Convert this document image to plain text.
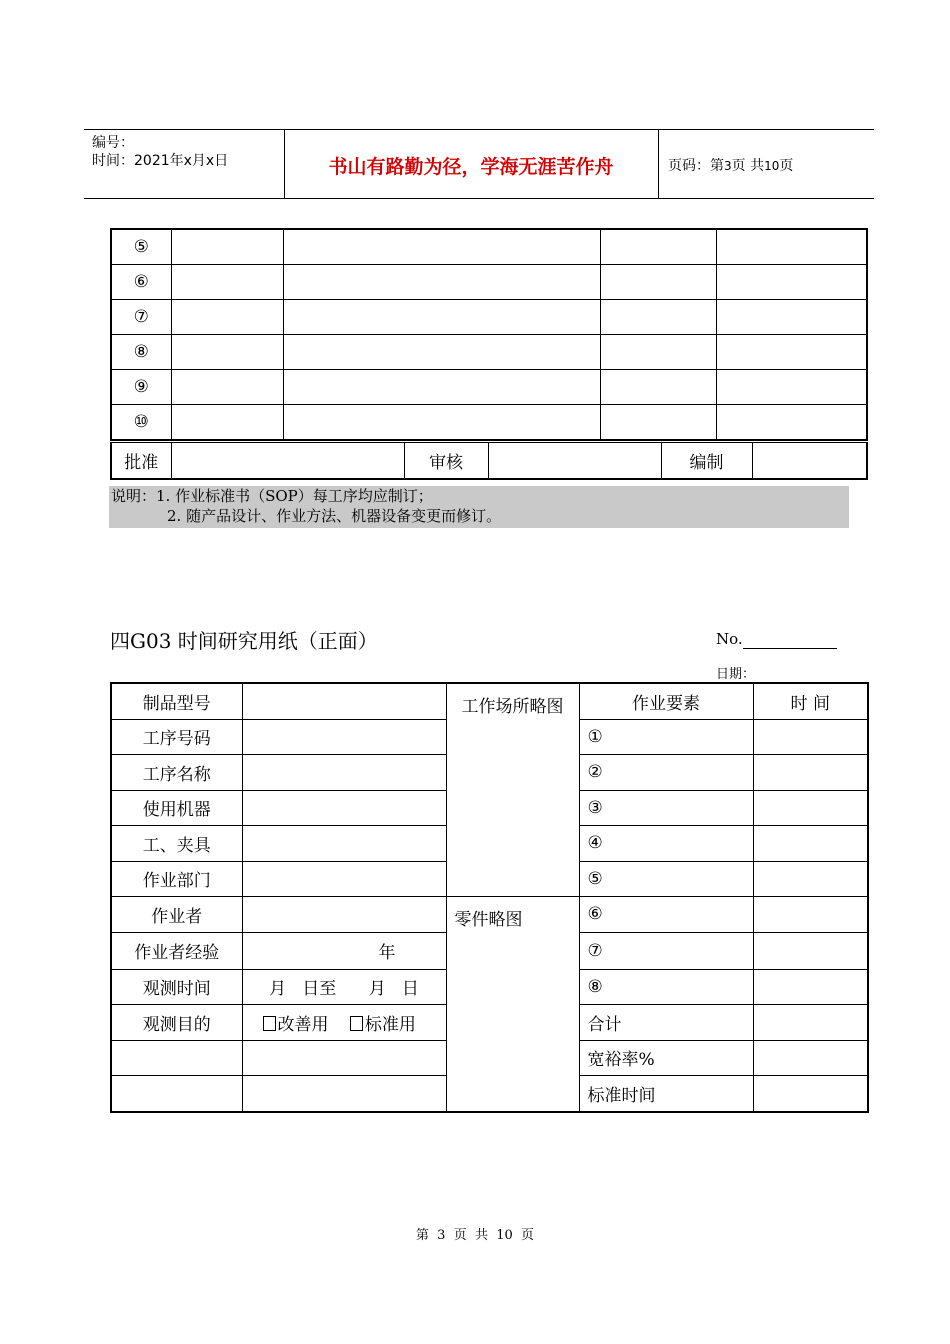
编号：
时间：2021年x月x日	书山有路勤为径，学海无涯苦作舟	页码：第3页 共10页
⑤				
⑥				
⑦				
⑧				
⑨				
⑩				
批准		审核		编制	
说明：1. 作业标准书（SOP）每工序均应制订；
2. 随产品设计、作业方法、机器设备变更而修订。
四G03 时间研究用纸（正面）	No.
日期：
制品型号		工作场所略图	作业要素	时 间
工序号码			①	
工序名称			②	
使用机器			③	
工、夹具			④	
作业部门			⑤	
作业者		零件略图	⑥	
作业者经验	年		⑦	
观测时间	月   日至      月   日		⑧	
观测目的	改善用 标准用		合计	
			宽裕率%	
			标准时间	
第  3  页  共  10  页
